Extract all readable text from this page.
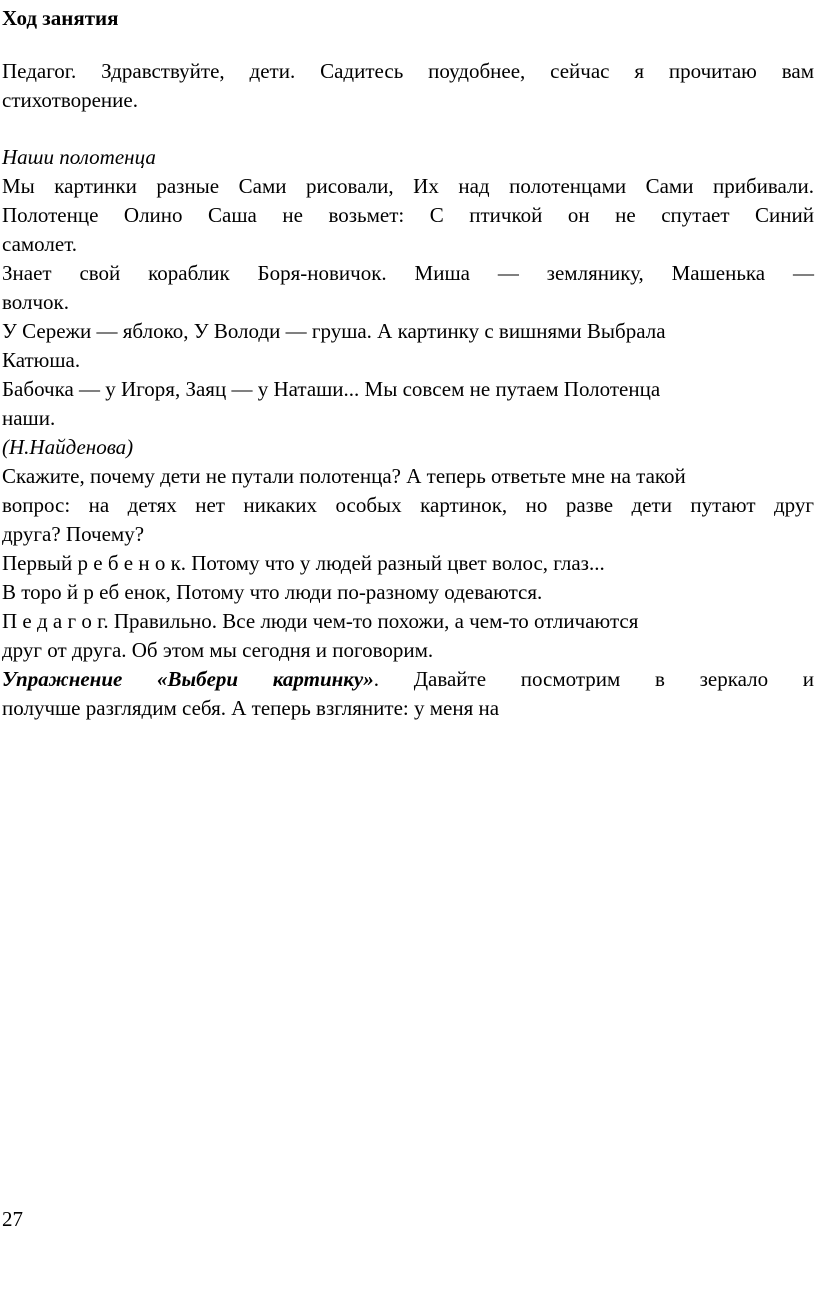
Ход занятия
Педагог. Здравствуйте, дети. Садитесь поудобнее, сейчас я прочитаю вам
стихотворение.
Наши полотенца
Мы картинки разные Сами рисовали, Их над полотенцами Сами прибивали.
Полотенце Олино Саша не возьмет: С птичкой он не спутает Синий
самолет.
Знает свой кораблик Боря-новичок. Миша ― землянику, Машенька ―
волчок.
У Сережи ― яблоко, У Володи ― груша. А картинку с вишнями Выбрала
Катюша.
Бабочка ― у Игоря, Заяц ― у Наташи... Мы совсем не путаем Полотенца
наши.
(Н.Найденова)
Скажите, почему дети не путали полотенца? А теперь ответьте мне на такой
вопрос: на детях нет никаких особых картинок, но разве дети путают друг
друга? Почему?
Первый р е б е н о к. Потому что у людей разный цвет волос, глаз...
В торо й р еб енок, Потому что люди по-разному одеваются.
П е д а г о г. Правильно. Все люди чем-то похожи, а чем-то отличаются
друг от друга. Об этом мы сегодня и поговорим.
Упражнение «Выбери картинку». Давайте посмотрим в зеркало и
получше разглядим себя. А теперь взгляните: у меня на
27
